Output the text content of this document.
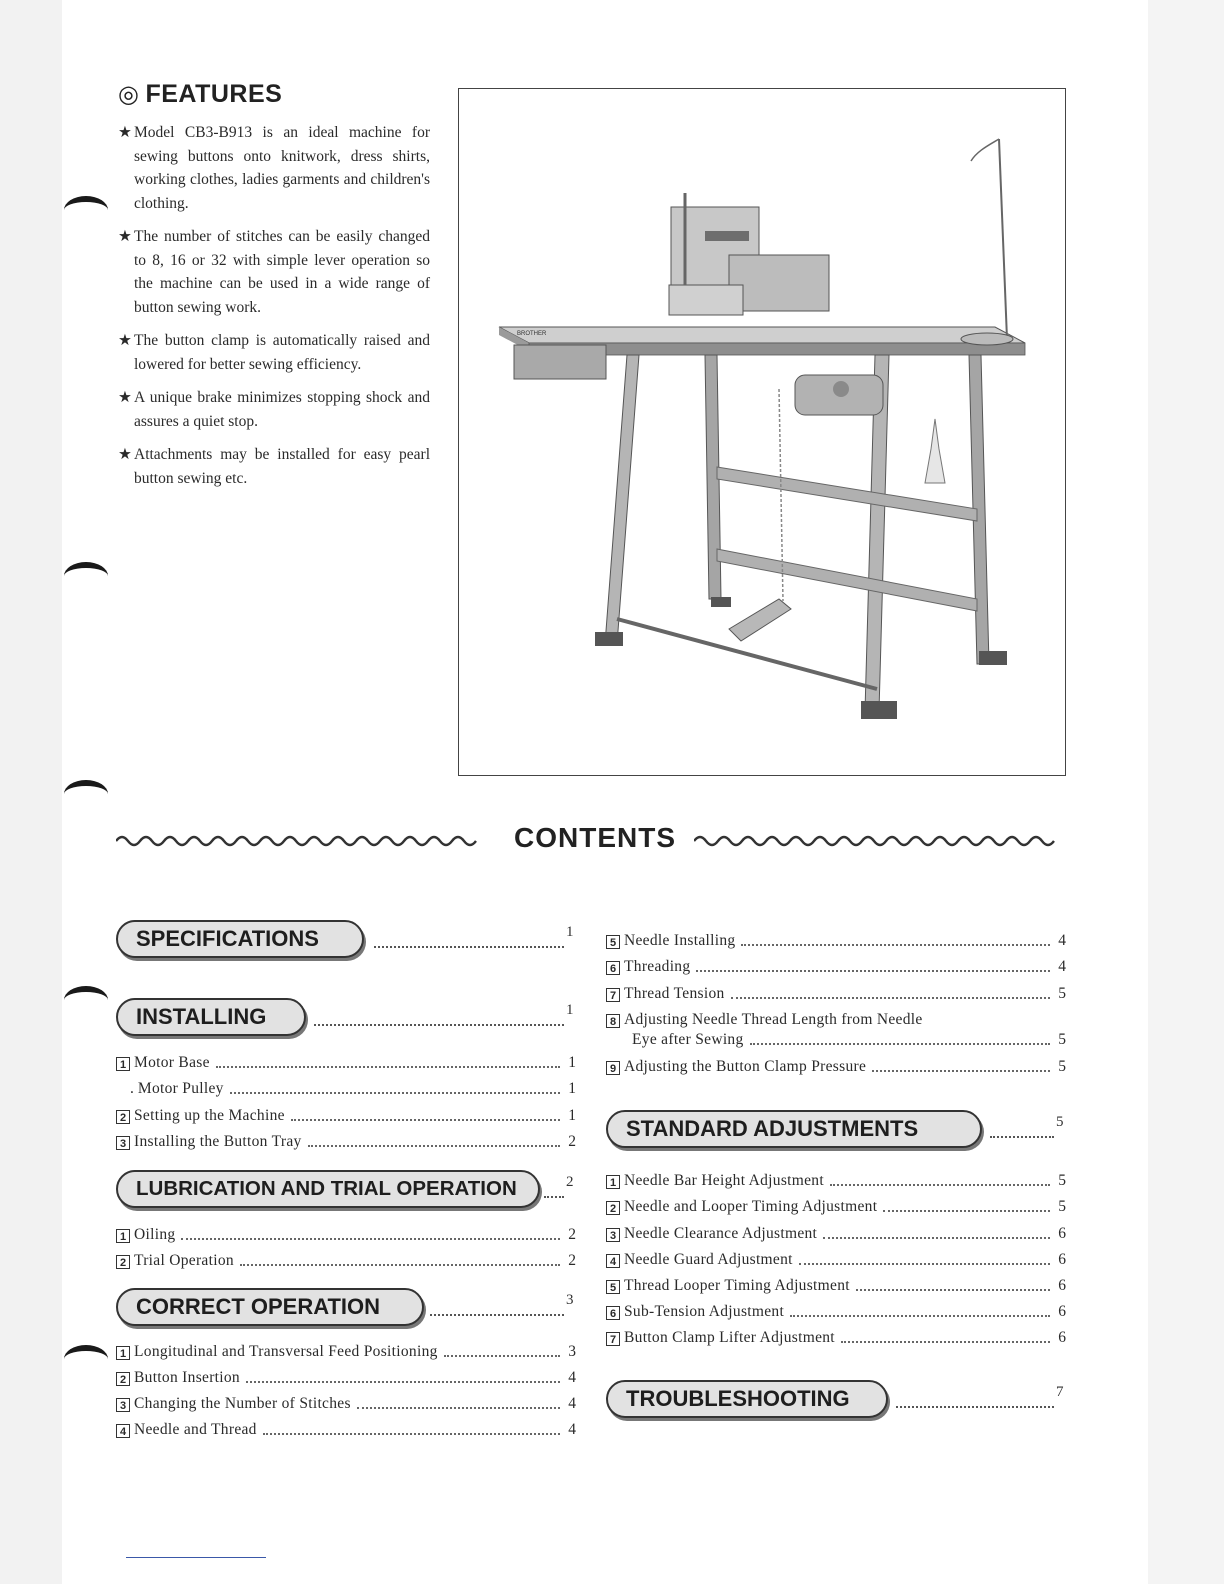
◎ FEATURES
★ Model CB3-B913 is an ideal machine for sewing buttons onto knitwork, dress shirts, working clothes, ladies garments and children's clothing.
★ The number of stitches can be easily changed to 8, 16 or 32 with simple lever operation so the machine can be used in a wide range of button sewing work.
★ The button clamp is automatically raised and lowered for better sewing efficiency.
★ A unique brake minimizes stopping shock and assures a quiet stop.
★ Attachments may be installed for easy pearl button sewing etc.
BROTHER
CONTENTS
SPECIFICATIONS	1
INSTALLING	1
1 Motor Base	1
. Motor Pulley	1
2 Setting up the Machine	1
3 Installing the Button Tray	2
LUBRICATION AND TRIAL OPERATION	2
1 Oiling	2
2 Trial Operation	2
CORRECT OPERATION	3
1 Longitudinal and Transversal Feed Positioning	3
2 Button Insertion	4
3 Changing the Number of Stitches	4
4 Needle and Thread	4
5 Needle Installing	4
6 Threading	4
7 Thread Tension	5
8 Adjusting Needle Thread Length from Needle
Eye after Sewing	5
9 Adjusting the Button Clamp Pressure	5
STANDARD ADJUSTMENTS	5
1 Needle Bar Height Adjustment	5
2 Needle and Looper Timing Adjustment	5
3 Needle Clearance Adjustment	6
4 Needle Guard Adjustment	6
5 Thread Looper Timing Adjustment	6
6 Sub-Tension Adjustment	6
7 Button Clamp Lifter Adjustment	6
TROUBLESHOOTING	7
